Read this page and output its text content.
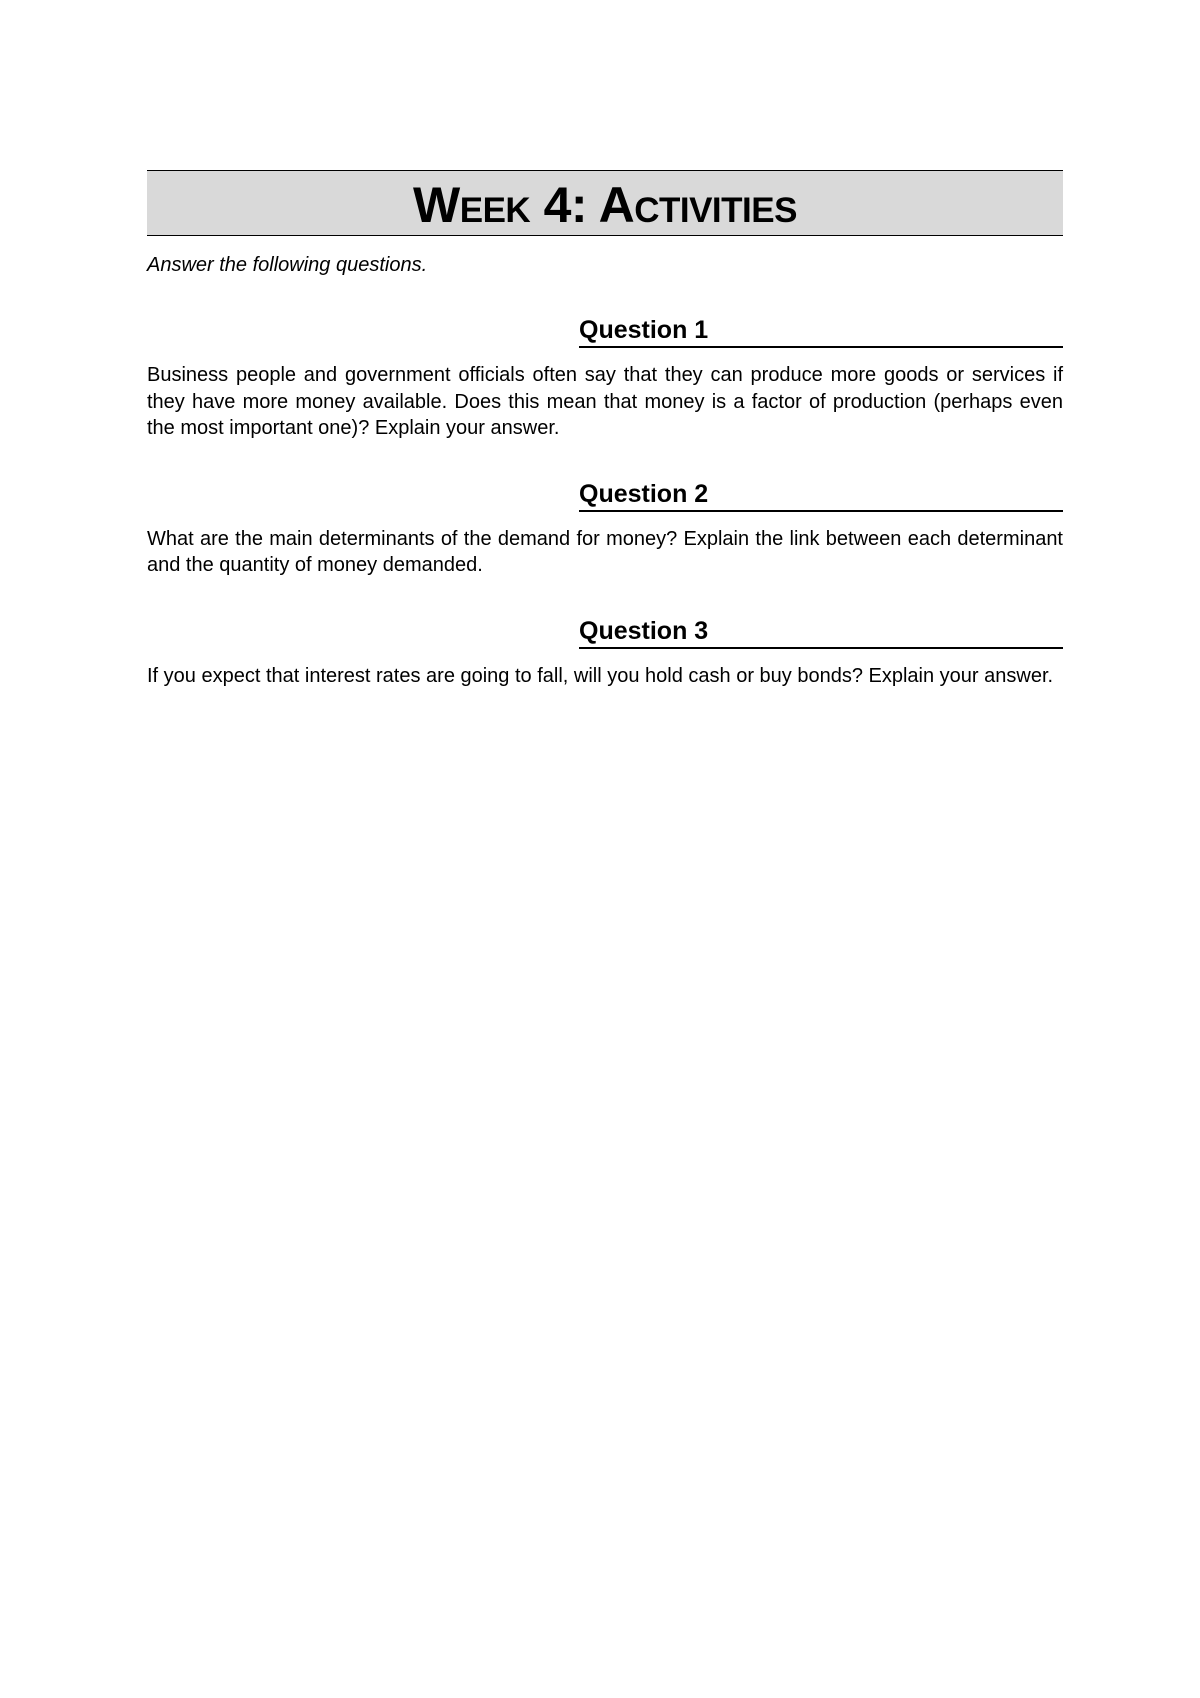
Week 4: Activities

Answer the following questions.

Question 1

Business people and government officials often say that they can produce more goods or services if they have more money available. Does this mean that money is a factor of production (perhaps even the most important one)? Explain your answer.

Question 2

What are the main determinants of the demand for money? Explain the link between each determinant and the quantity of money demanded.

Question 3

If you expect that interest rates are going to fall, will you hold cash or buy bonds? Explain your answer.
